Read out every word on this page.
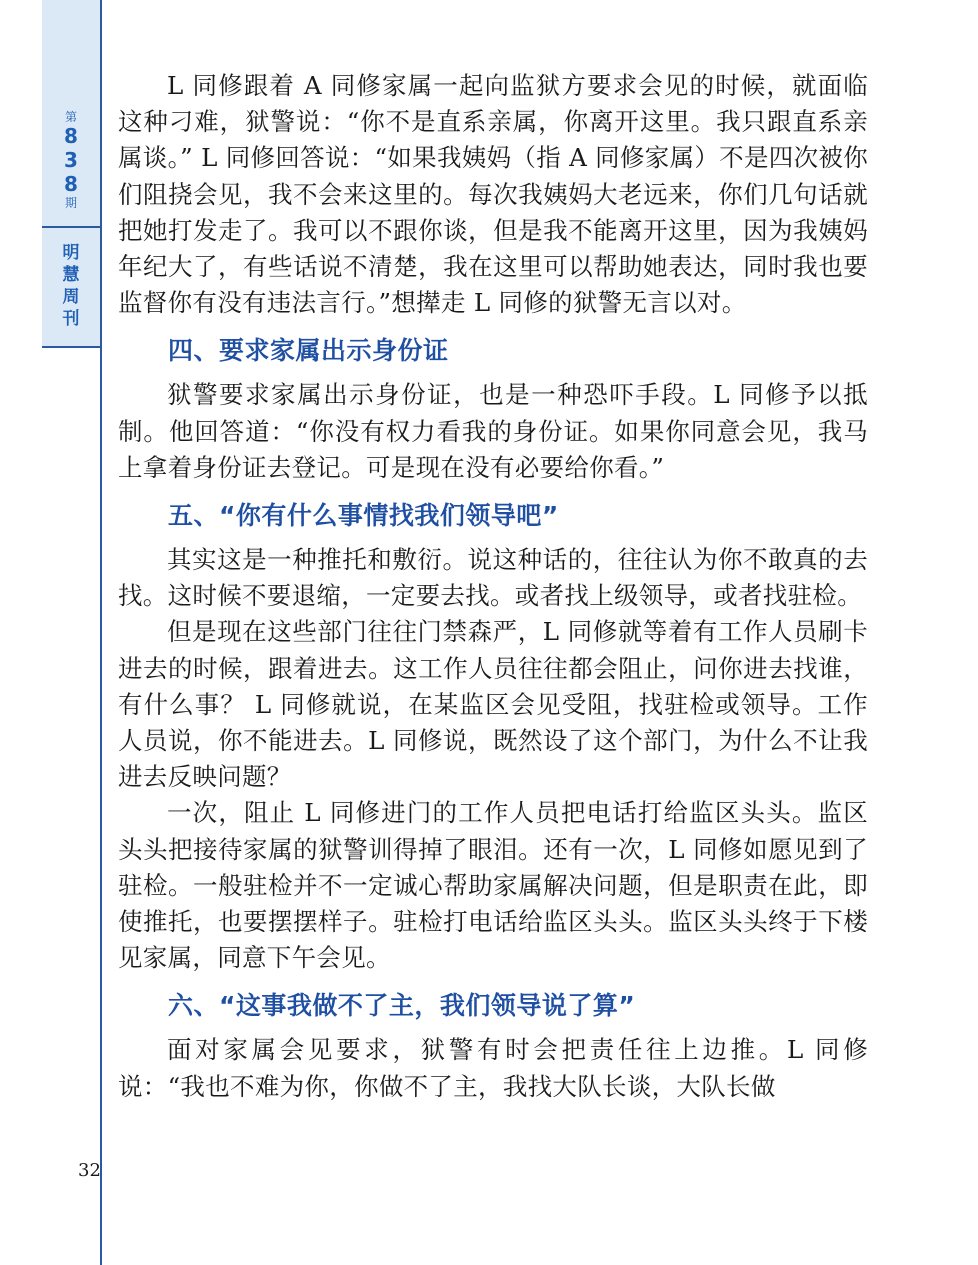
第
8
3
8
期
明
慧
周
刊
32

L 同修跟着 A 同修家属一起向监狱方要求会见的时候，就面临这种刁难，狱警说：“你不是直系亲属，你离开这里。我只跟直系亲属谈。” L 同修回答说：“如果我姨妈（指 A 同修家属）不是四次被你们阻挠会见，我不会来这里的。每次我姨妈大老远来，你们几句话就把她打发走了。我可以不跟你谈，但是我不能离开这里，因为我姨妈年纪大了，有些话说不清楚，我在这里可以帮助她表达，同时我也要监督你有没有违法言行。”想撵走 L 同修的狱警无言以对。

四、要求家属出示身份证

狱警要求家属出示身份证，也是一种恐吓手段。L 同修予以抵制。他回答道：“你没有权力看我的身份证。如果你同意会见，我马上拿着身份证去登记。可是现在没有必要给你看。”

五、“你有什么事情找我们领导吧”

其实这是一种推托和敷衍。说这种话的，往往认为你不敢真的去找。这时候不要退缩，一定要去找。或者找上级领导，或者找驻检。

但是现在这些部门往往门禁森严，L 同修就等着有工作人员刷卡进去的时候，跟着进去。这工作人员往往都会阻止，问你进去找谁，有什么事？ L 同修就说，在某监区会见受阻，找驻检或领导。工作人员说，你不能进去。L 同修说，既然设了这个部门，为什么不让我进去反映问题？

一次，阻止 L 同修进门的工作人员把电话打给监区头头。监区头头把接待家属的狱警训得掉了眼泪。还有一次，L 同修如愿见到了驻检。一般驻检并不一定诚心帮助家属解决问题，但是职责在此，即使推托，也要摆摆样子。驻检打电话给监区头头。监区头头终于下楼见家属，同意下午会见。

六、“这事我做不了主，我们领导说了算”

面对家属会见要求，狱警有时会把责任往上边推。L 同修说：“我也不难为你，你做不了主，我找大队长谈，大队长做
